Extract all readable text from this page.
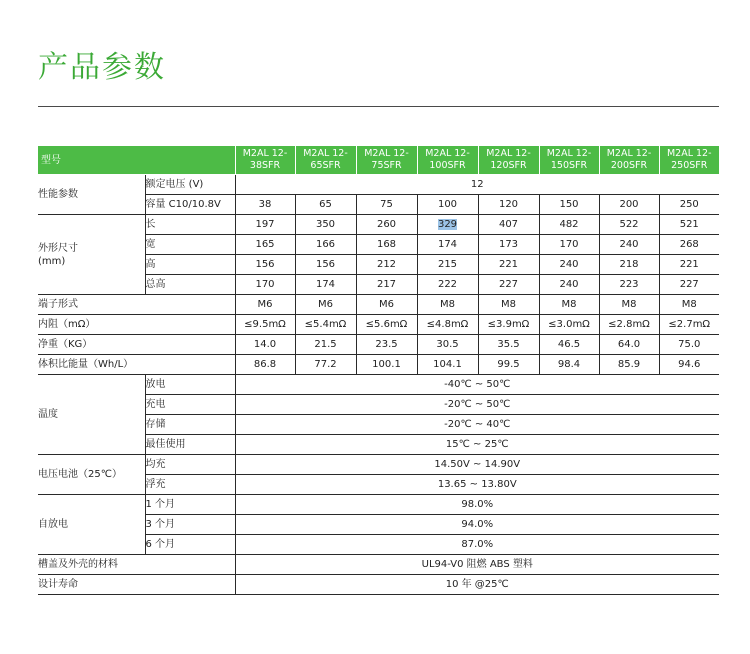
产品参数
型号		M2AL 12-38SFR	M2AL 12-65SFR	M2AL 12-75SFR	M2AL 12-100SFR	M2AL 12-120SFR	M2AL 12-150SFR	M2AL 12-200SFR	M2AL 12-250SFR
性能参数	额定电压 (V)	12							
	容量 C10/10.8V	38	65	75	100	120	150	200	250
外形尺寸
(mm)	长	197	350	260	329	407	482	522	521
	宽	165	166	168	174	173	170	240	268
	高	156	156	212	215	221	240	218	221
	总高	170	174	217	222	227	240	223	227
端子形式		M6	M6	M6	M8	M8	M8	M8	M8
内阻（mΩ）		≤9.5mΩ	≤5.4mΩ	≤5.6mΩ	≤4.8mΩ	≤3.9mΩ	≤3.0mΩ	≤2.8mΩ	≤2.7mΩ
净重（KG）		14.0	21.5	23.5	30.5	35.5	46.5	64.0	75.0
体积比能量（Wh/L）		86.8	77.2	100.1	104.1	99.5	98.4	85.9	94.6
温度	放电	-40℃ ~ 50℃							
	充电	-20℃ ~ 50℃							
	存储	-20℃ ~ 40℃							
	最佳使用	15℃ ~ 25℃							
电压电池（25℃）	均充	14.50V ~ 14.90V							
	浮充	13.65 ~ 13.80V							
自放电	1 个月	98.0%							
	3 个月	94.0%							
	6 个月	87.0%							
槽盖及外壳的材料		UL94-V0 阻燃 ABS 塑料							
设计寿命		10 年 @25℃							
